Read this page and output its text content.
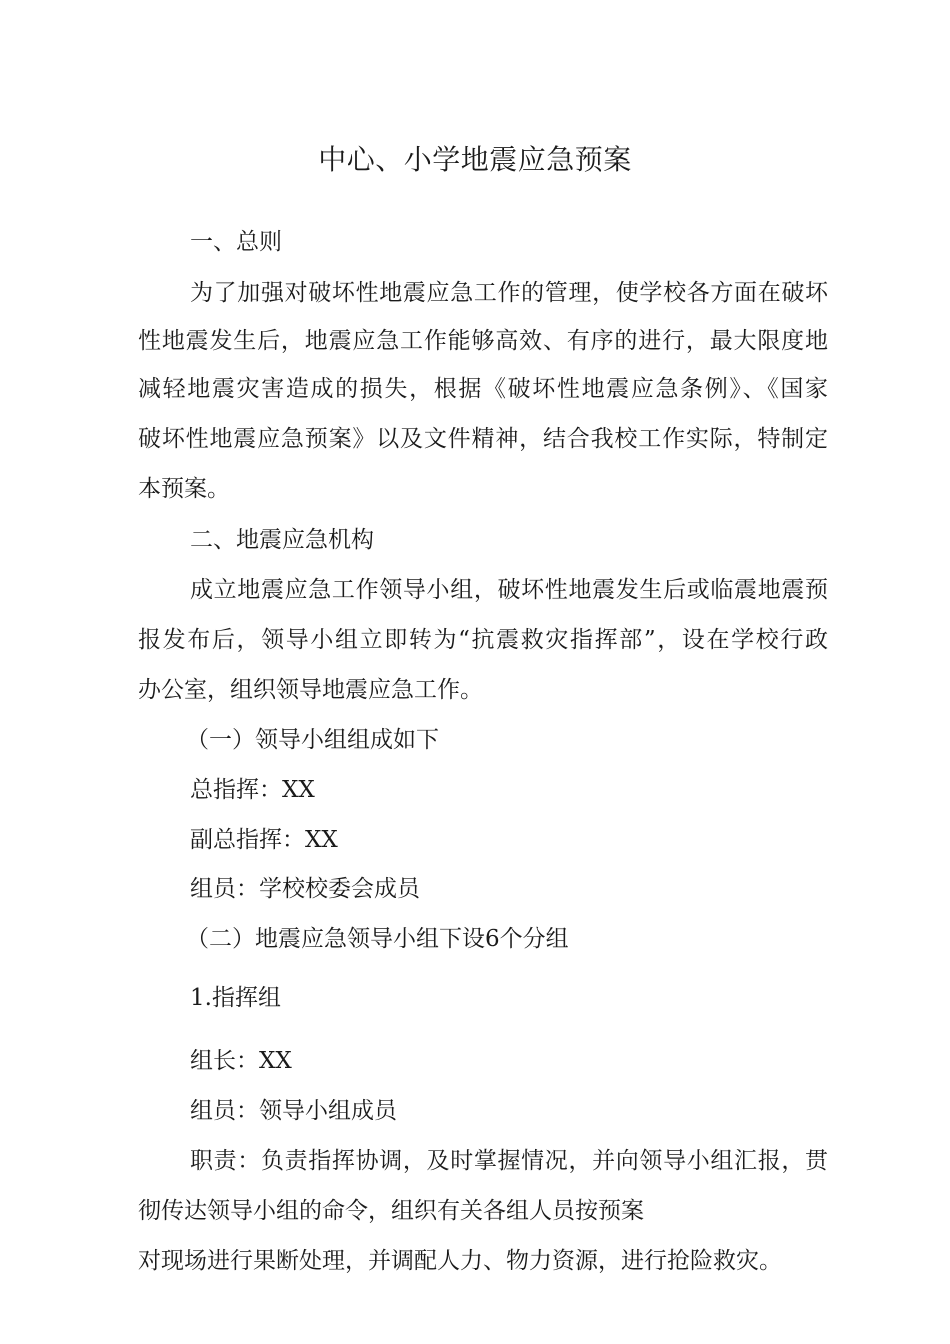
中心、小学地震应急预案
一、总则
为了加强对破坏性地震应急工作的管理，使学校各方面在破坏
性地震发生后，地震应急工作能够高效、有序的进行，最大限度地
减轻地震灾害造成的损失，根据《破坏性地震应急条例》、《国家
破坏性地震应急预案》以及文件精神，结合我校工作实际，特制定
本预案。
二、地震应急机构
成立地震应急工作领导小组，破坏性地震发生后或临震地震预
报发布后，领导小组立即转为“抗震救灾指挥部”，设在学校行政
办公室，组织领导地震应急工作。
（一）领导小组组成如下
总指挥：XX
副总指挥：XX
组员：学校校委会成员
（二）地震应急领导小组下设6个分组
1.指挥组
组长：XX
组员：领导小组成员
职责：负责指挥协调，及时掌握情况，并向领导小组汇报，贯
彻传达领导小组的命令，组织有关各组人员按预案
对现场进行果断处理，并调配人力、物力资源，进行抢险救灾。
